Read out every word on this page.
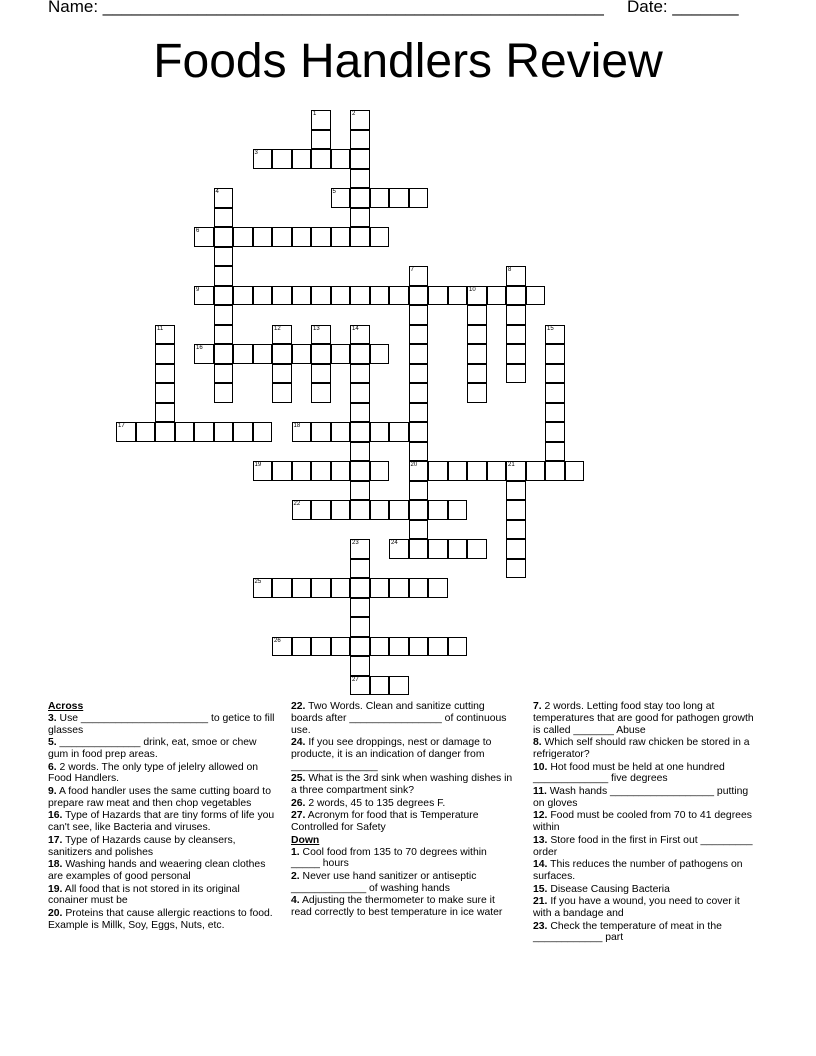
Name: _____________________________________________________ Date: _______
Foods Handlers Review
1	2
3
4	5
6
7
20
8
9	10
11	12	13	14	15
16
17	18
19	21
22
23
27
24
25
26
Across
3. Use ______________________ to getice to fill glasses
5. ______________ drink, eat, smoe or chew gum in food prep areas.
6. 2 words. The only type of jelelry allowed on Food Handlers.
9. A food handler uses the same cutting board to prepare raw meat and then chop vegetables
16. Type of Hazards that are tiny forms of life you can't see, like Bacteria and viruses.
17. Type of Hazards cause by cleansers, sanitizers and polishes
18. Washing hands and weaering clean clothes are examples of good personal
19. All food that is not stored in its original conainer must be
20. Proteins that cause allergic reactions to food. Example is Millk, Soy, Eggs, Nuts, etc.
22. Two Words. Clean and sanitize cutting boards after ________________ of continuous use.
24. If you see droppings, nest or damage to producte, it is an indication of danger from _______________
25. What is the 3rd sink when washing dishes in a three compartment sink?
26. 2 words, 45 to 135 degrees F.
27. Acronym for food that is Temperature Controlled for Safety
Down
1. Cool food from 135 to 70 degrees within _____ hours
2. Never use hand sanitizer or antiseptic _____________ of washing hands
4. Adjusting the thermometer to make sure it read correctly to best temperature in ice water
7. 2 words. Letting food stay too long at temperatures that are good for pathogen growth is called _______ Abuse
8. Which self should raw chicken be stored in a refrigerator?
10. Hot food must be held at one hundred _____________ five degrees
11. Wash hands __________________ putting on gloves
12. Food must be cooled from 70 to 41 degrees within
13. Store food in the first in First out _________ order
14. This reduces the number of pathogens on surfaces.
15. Disease Causing Bacteria
21. If you have a wound, you need to cover it with a bandage and
23. Check the temperature of meat in the ____________ part
